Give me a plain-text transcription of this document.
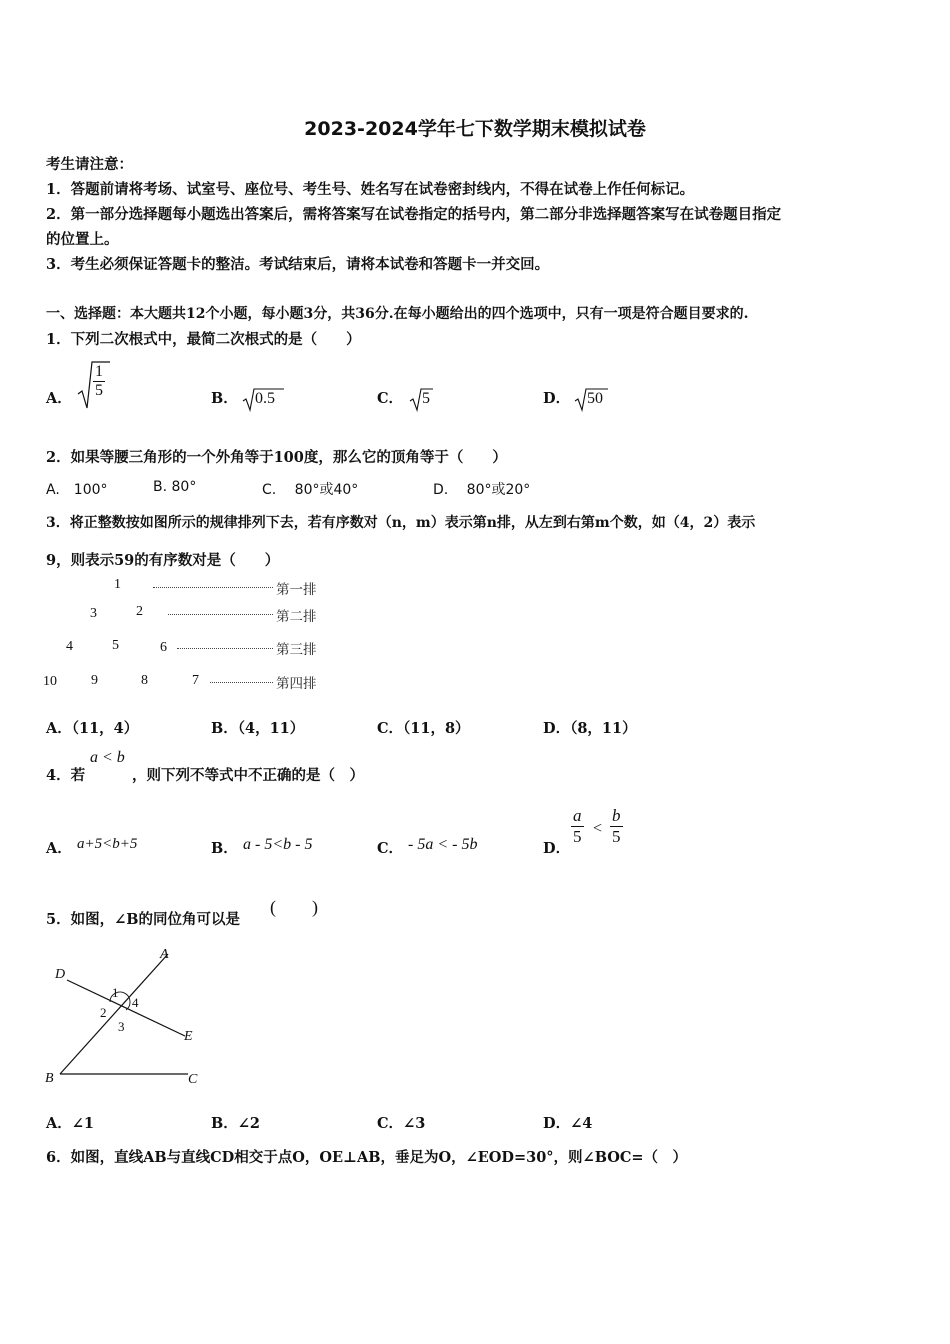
2023-2024学年七下数学期末模拟试卷
考生请注意：
1．答题前请将考场、试室号、座位号、考生号、姓名写在试卷密封线内，不得在试卷上作任何标记。
2．第一部分选择题每小题选出答案后，需将答案写在试卷指定的括号内，第二部分非选择题答案写在试卷题目指定
的位置上。
3．考生必须保证答题卡的整洁。考试结束后，请将本试卷和答题卡一并交回。
一、选择题：本大题共12个小题，每小题3分，共36分.在每小题给出的四个选项中，只有一项是符合题目要求的.
1．下列二次根式中，最简二次根式的是（　　）
A． $\frac{1}{5}$	B． 0.5	C． 5	D． 50
2．如果等腰三角形的一个外角等于100度，那么它的顶角等于（　　）
A.　100°	B. 80°	C.　 80°或40°	D.　 80°或20°
3．将正整数按如图所示的规律排列下去，若有序数对（n，m）表示第n排，从左到右第m个数，如（4，2）表示
9，则表示59的有序数对是（　　）
1	第一排
3	2	第二排
4	5	6	第三排
10 9	8	7	第四排
A．（11，4）	B．（4，11）	C．（11，8）	D．（8，11）
4．若
a < b
，则下列不等式中不正确的是（　）
A． a+5<b+5	B． a - 5<b - 5	C． - 5a < - 5b	D．
$\frac{a}{5} < \frac{b}{5}$
5．如图，∠B的同位角可以是
(　　)
A
D
E
B	C
1
2
3
4
A．∠1	B．∠2	C．∠3	D．∠4
6．如图，直线AB与直线CD相交于点O，OE⊥AB，垂足为O，∠EOD=30°，则∠BOC=（　）
